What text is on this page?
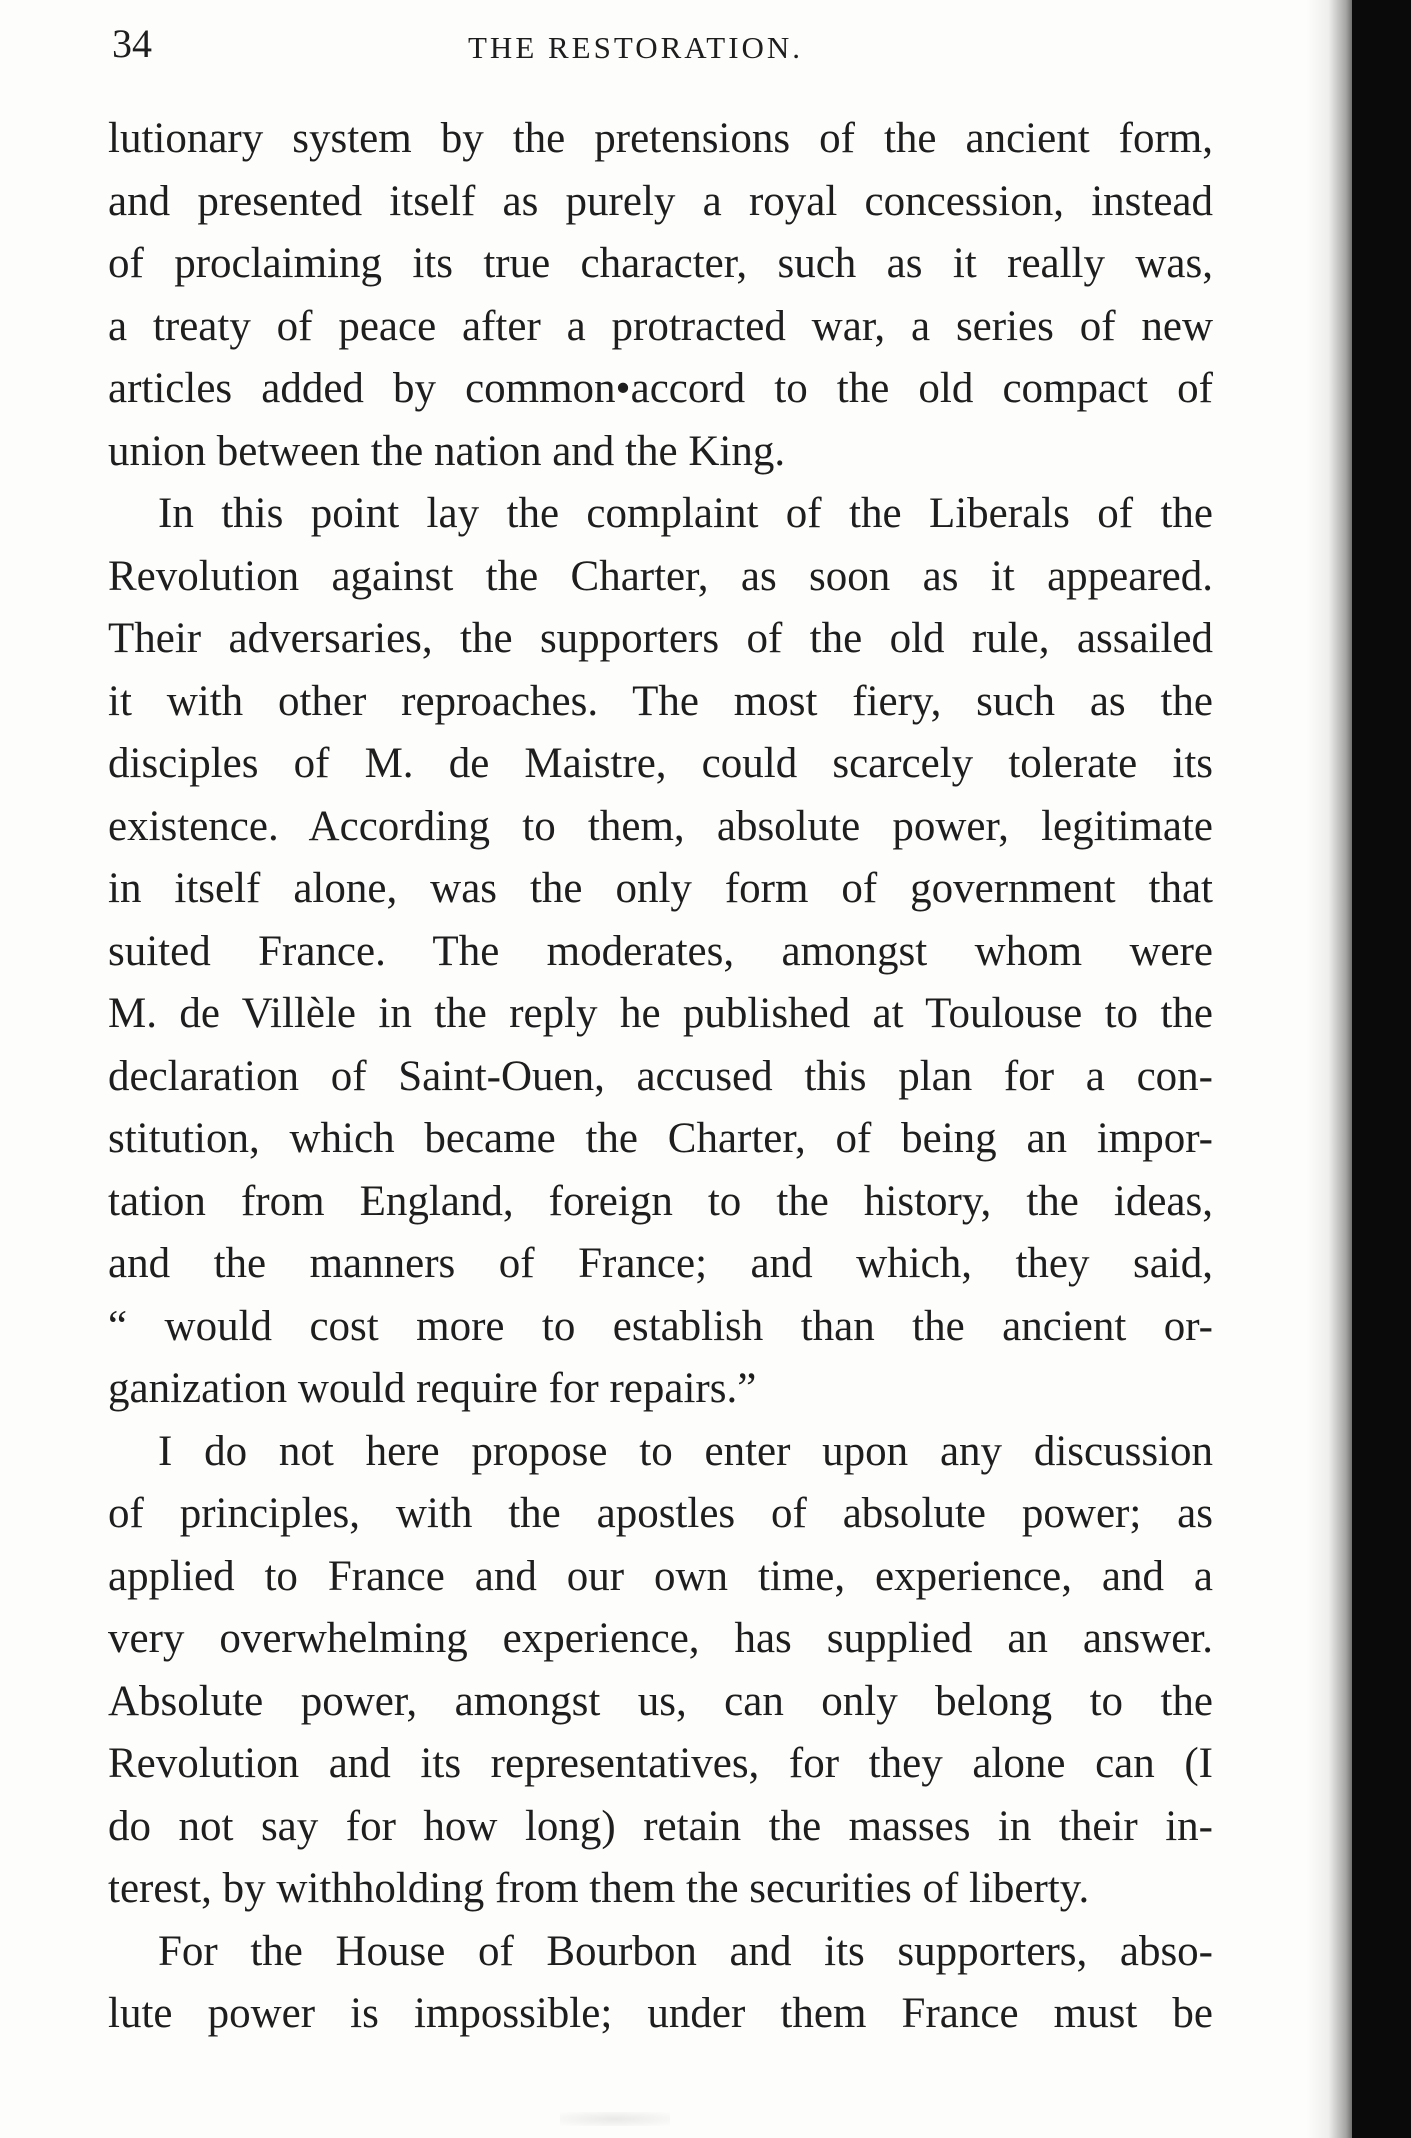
34	THE RESTORATION.
lutionary system by the pretensions of the ancient form,
and presented itself as purely a royal concession, instead
of proclaiming its true character, such as it really was,
a treaty of peace after a protracted war, a series of new
articles added by common•accord to the old compact of
union between the nation and the King.
In this point lay the complaint of the Liberals of the
Revolution against the Charter, as soon as it appeared.
Their adversaries, the supporters of the old rule, assailed
it with other reproaches. The most fiery, such as the
disciples of M. de Maistre, could scarcely tolerate its
existence. According to them, absolute power, legitimate
in itself alone, was the only form of government that
suited France. The moderates, amongst whom were
M. de Villèle in the reply he published at Toulouse to the
declaration of Saint-Ouen, accused this plan for a con-
stitution, which became the Charter, of being an impor-
tation from England, foreign to the history, the ideas,
and the manners of France; and which, they said,
“ would cost more to establish than the ancient or-
ganization would require for repairs.”
I do not here propose to enter upon any discussion
of principles, with the apostles of absolute power; as
applied to France and our own time, experience, and a
very overwhelming experience, has supplied an answer.
Absolute power, amongst us, can only belong to the
Revolution and its representatives, for they alone can (I
do not say for how long) retain the masses in their in-
terest, by withholding from them the securities of liberty.
For the House of Bourbon and its supporters, abso-
lute power is impossible; under them France must be
